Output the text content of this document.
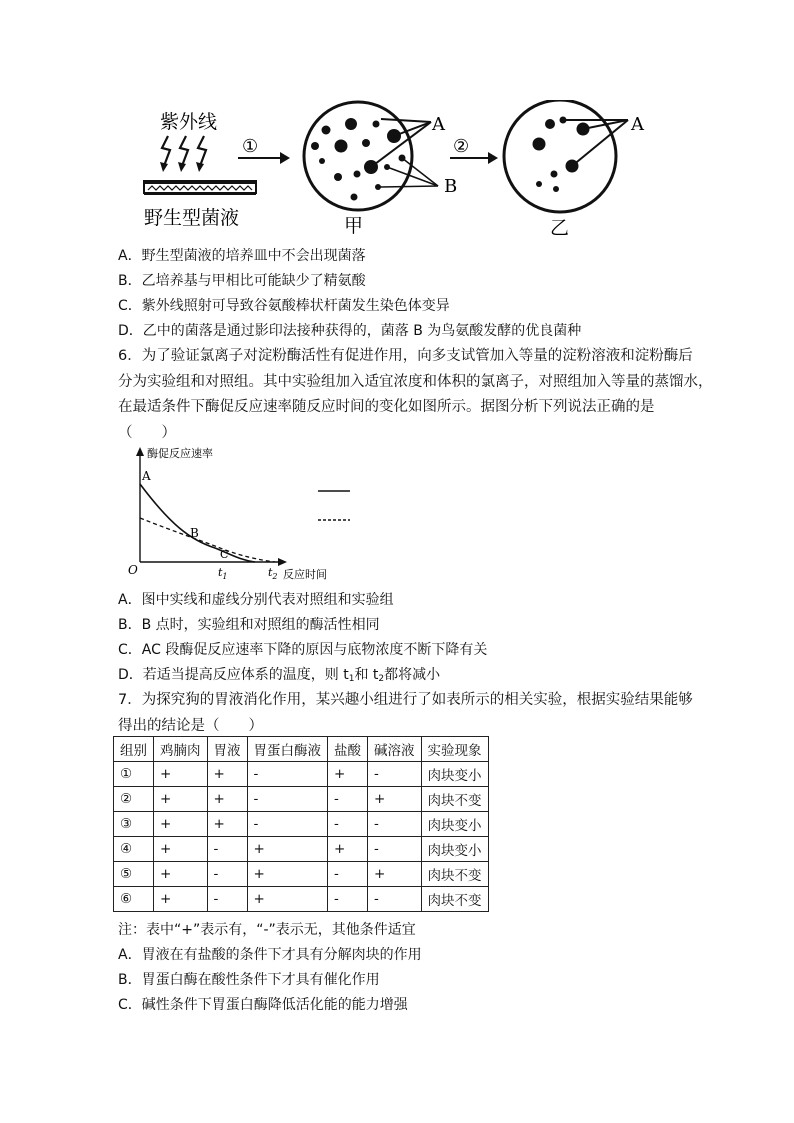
紫外线
野生型菌液
①
A
B
甲
②
A
乙
A．野生型菌液的培养皿中不会出现菌落
B．乙培养基与甲相比可能缺少了精氨酸
C．紫外线照射可导致谷氨酸棒状杆菌发生染色体变异
D．乙中的菌落是通过影印法接种获得的，菌落 B 为鸟氨酸发酵的优良菌种
6．为了验证氯离子对淀粉酶活性有促进作用，向多支试管加入等量的淀粉溶液和淀粉酶后
分为实验组和对照组。其中实验组加入适宜浓度和体积的氯离子，对照组加入等量的蒸馏水，
在最适条件下酶促反应速率随反应时间的变化如图所示。据图分析下列说法正确的是
（　　）
酶促反应速率
反应时间
O
A
B
C
$t_1$	$t_2$
A．图中实线和虚线分别代表对照组和实验组
B．B 点时，实验组和对照组的酶活性相同
C．AC 段酶促反应速率下降的原因与底物浓度不断下降有关
D．若适当提高反应体系的温度，则 $t_1$和 $t_2$都将减小
7．为探究狗的胃液消化作用，某兴趣小组进行了如表所示的相关实验，根据实验结果能够
得出的结论是（　　）
组别	鸡腩肉	胃液	胃蛋白酶液	盐酸	碱溶液	实验现象
①	+	+	-	+	-	肉块变小
②	+	+	-	-	+	肉块不变
③	+	+	-	-	-	肉块变小
④	+	-	+	+	-	肉块变小
⑤	+	-	+	-	+	肉块不变
⑥	+	-	+	-	-	肉块不变
注：表中“+”表示有，“-”表示无，其他条件适宜
A．胃液在有盐酸的条件下才具有分解肉块的作用
B．胃蛋白酶在酸性条件下才具有催化作用
C．碱性条件下胃蛋白酶降低活化能的能力增强
